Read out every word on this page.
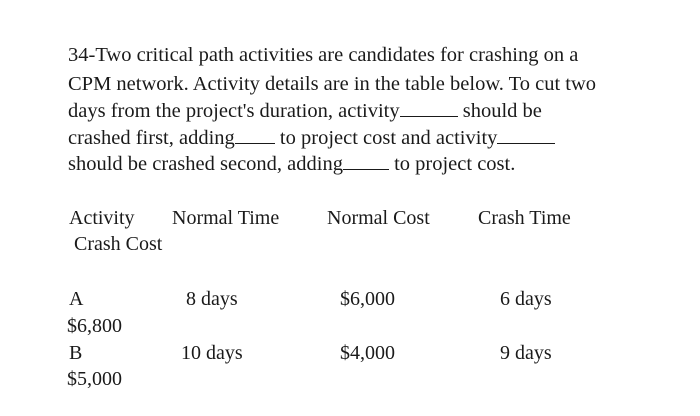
34-Two critical path activities are candidates for crashing on a
CPM network. Activity details are in the table below. To cut two
days from the project's duration, activity	should be
crashed first, adding to project cost and activity
should be crashed second, adding to project cost.
Activity Normal Time Normal Cost Crash Time
Crash Cost
A	8 days	$6,000	6 days
$6,800
B	10 days	$4,000	9 days
$5,000
